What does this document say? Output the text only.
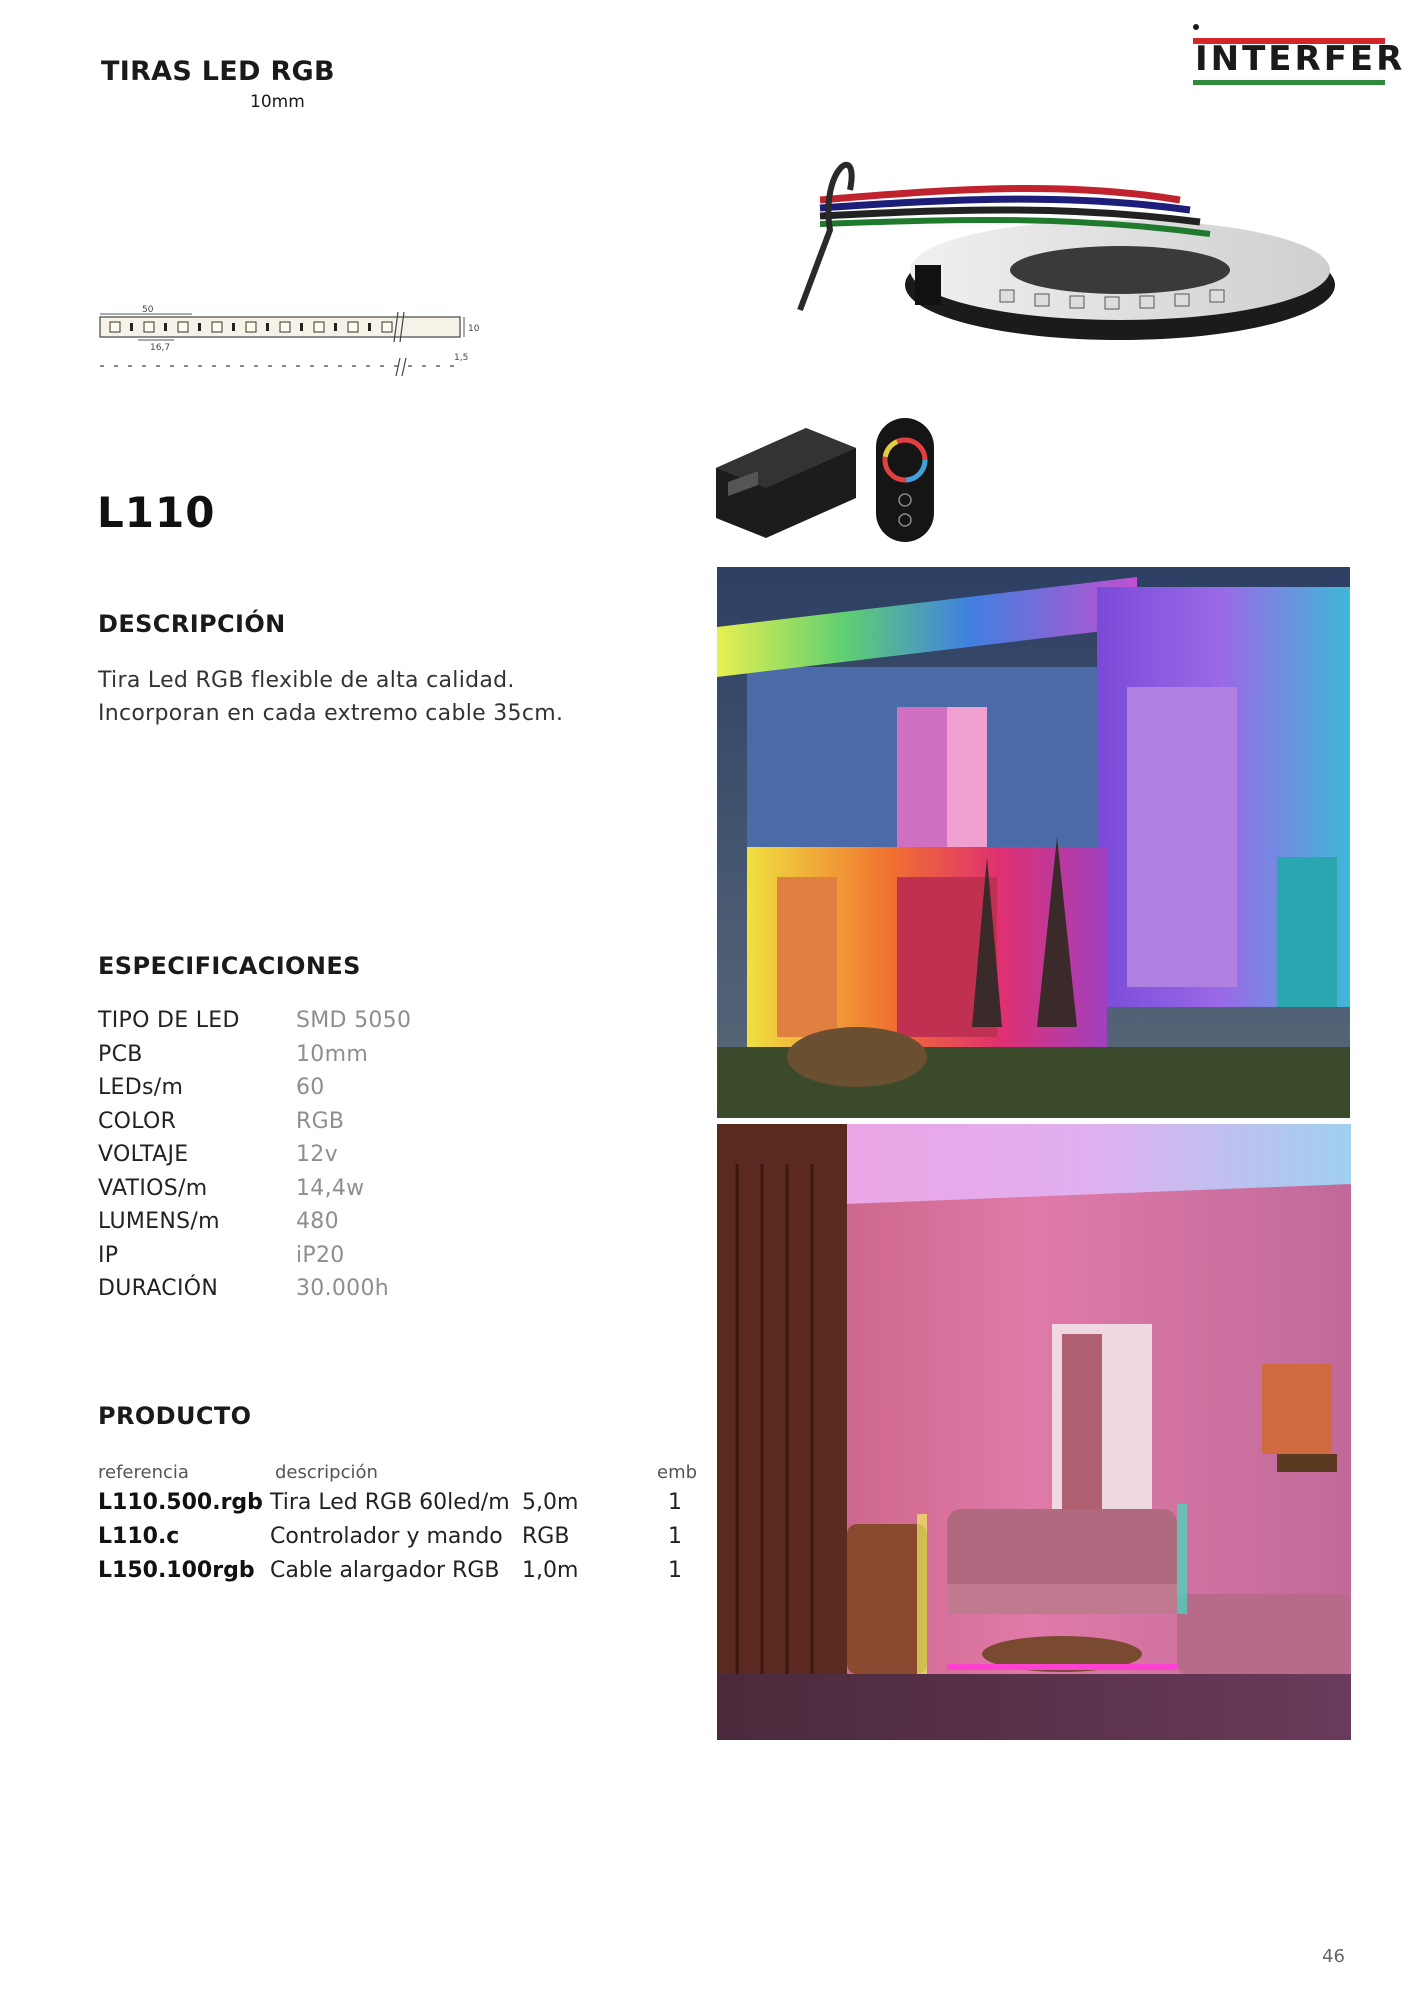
TIRAS LED RGB
10mm
INTERFER
50
10
16,7
1,5
L110
DESCRIPCIÓN
Tira Led RGB flexible de alta calidad.
Incorporan en cada extremo cable 35cm.
ESPECIFICACIONES
TIPO DE LED	SMD 5050
PCB	10mm
LEDs/m	60
COLOR	RGB
VOLTAJE	12v
VATIOS/m	14,4w
LUMENS/m	480
IP	iP20
DURACIÓN	30.000h
PRODUCTO
referencia	descripción	emb
L110.500.rgb Tira Led RGB 60led/m 5,0m	1
L110.c	Controlador y mando RGB	1
L150.100rgb Cable alargador RGB 1,0m	1
46
